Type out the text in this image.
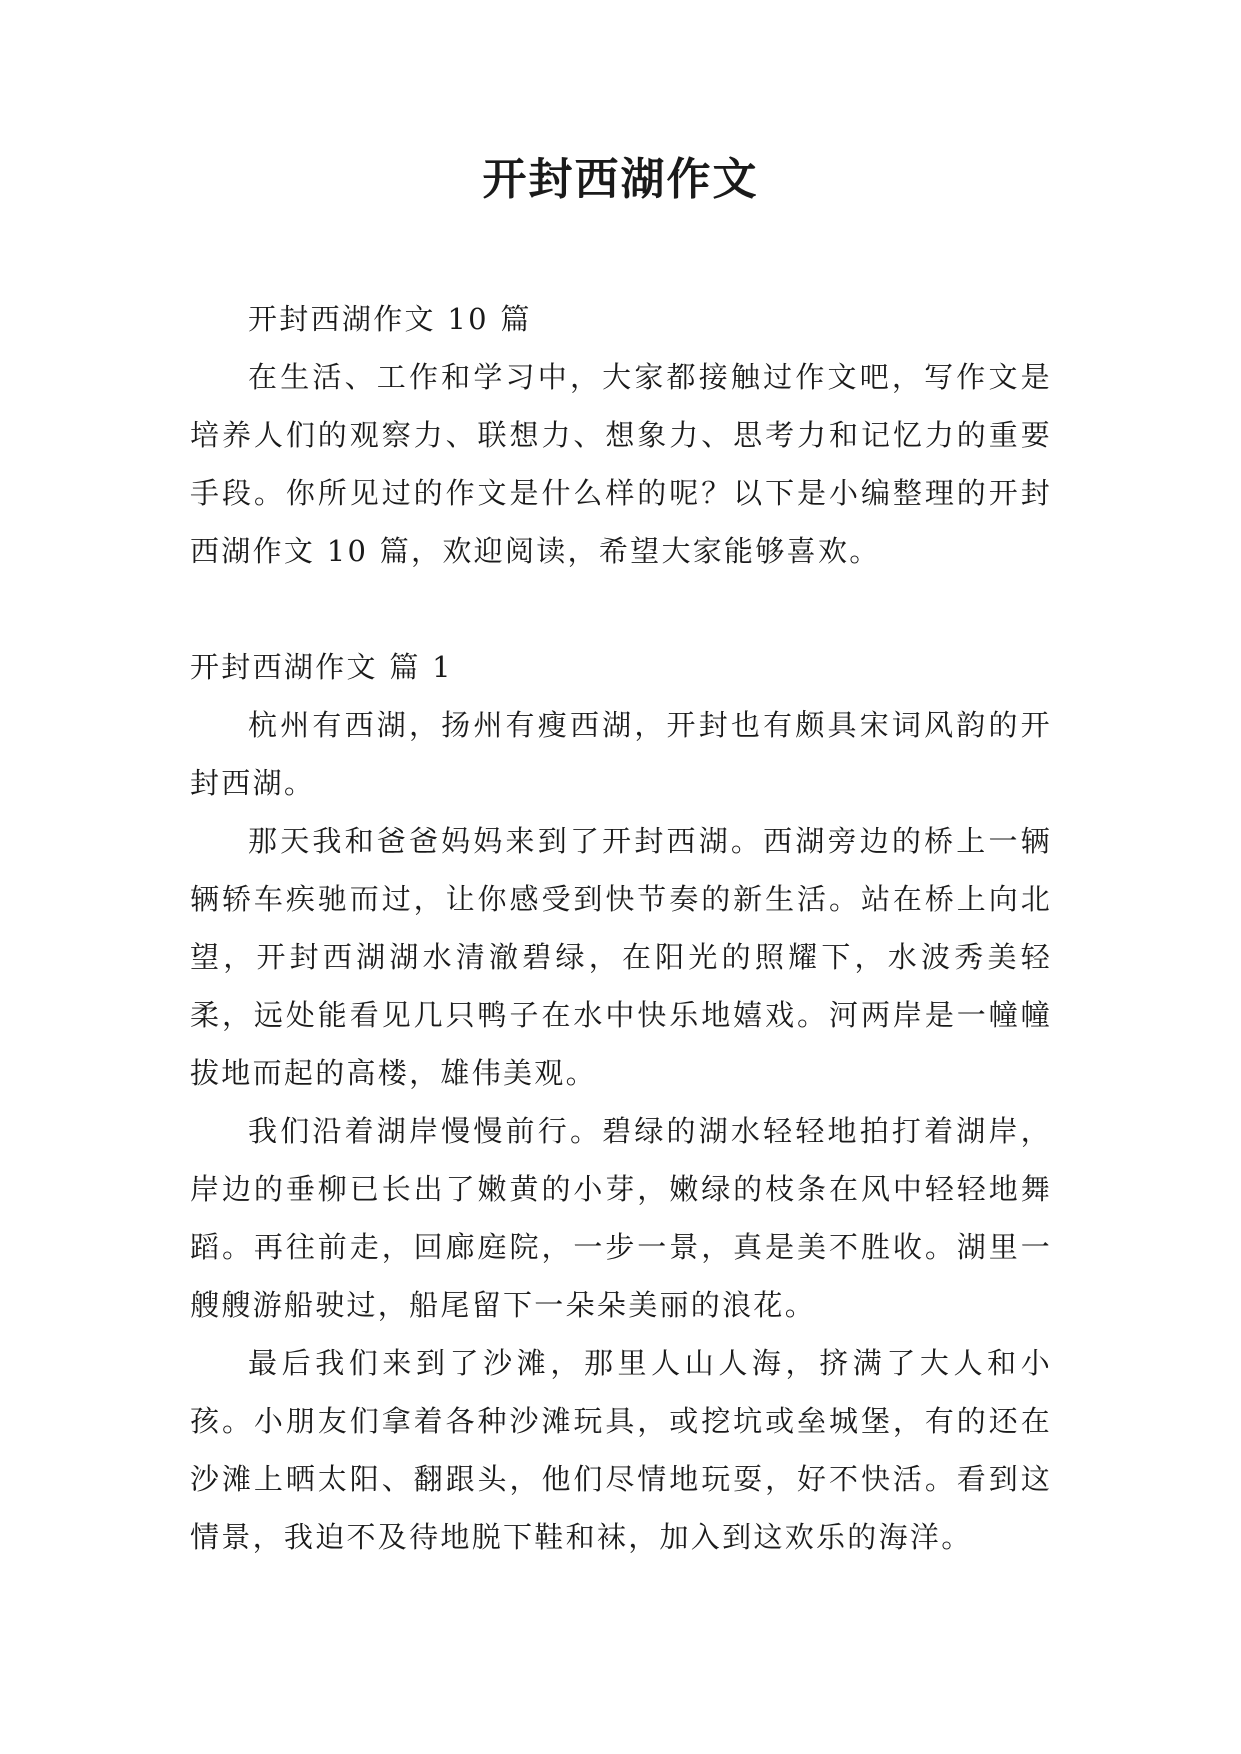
开封西湖作文

开封西湖作文 10 篇

在生活、工作和学习中，大家都接触过作文吧，写作文是培养人们的观察力、联想力、想象力、思考力和记忆力的重要手段。你所见过的作文是什么样的呢？以下是小编整理的开封西湖作文 10 篇，欢迎阅读，希望大家能够喜欢。

开封西湖作文 篇 1

杭州有西湖，扬州有瘦西湖，开封也有颇具宋词风韵的开封西湖。

那天我和爸爸妈妈来到了开封西湖。西湖旁边的桥上一辆辆轿车疾驰而过，让你感受到快节奏的新生活。站在桥上向北望，开封西湖湖水清澈碧绿，在阳光的照耀下，水波秀美轻柔，远处能看见几只鸭子在水中快乐地嬉戏。河两岸是一幢幢拔地而起的高楼，雄伟美观。

我们沿着湖岸慢慢前行。碧绿的湖水轻轻地拍打着湖岸，岸边的垂柳已长出了嫩黄的小芽，嫩绿的枝条在风中轻轻地舞蹈。再往前走，回廊庭院，一步一景，真是美不胜收。湖里一艘艘游船驶过，船尾留下一朵朵美丽的浪花。

最后我们来到了沙滩，那里人山人海，挤满了大人和小孩。小朋友们拿着各种沙滩玩具，或挖坑或垒城堡，有的还在沙滩上晒太阳、翻跟头，他们尽情地玩耍，好不快活。看到这情景，我迫不及待地脱下鞋和袜，加入到这欢乐的海洋。
